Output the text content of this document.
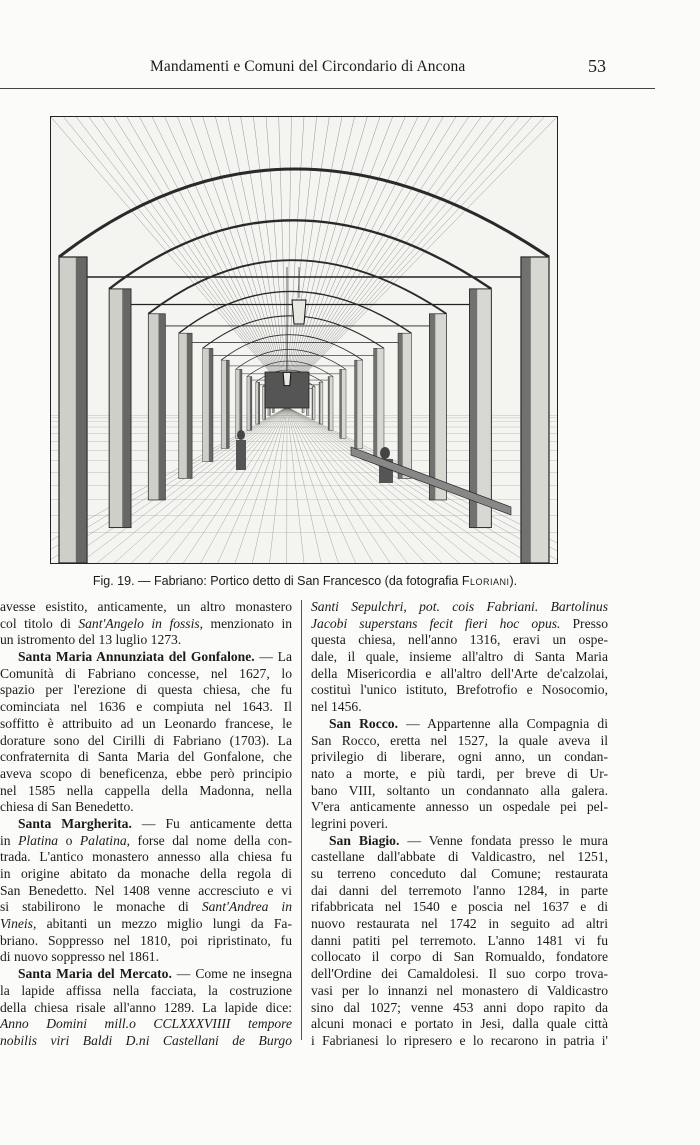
Mandamenti e Comuni del Circondario di Ancona	53
Fig. 19. — Fabriano: Portico detto di San Francesco (da fotografia Floriani).
avesse esistito, anticamente, un altro monastero
col titolo di Sant'Angelo in fossis, menzionato in
un istromento del 13 luglio 1273.
Santa Maria Annunziata del Gonfalone. — La
Comunità di Fabriano concesse, nel 1627, lo
spazio per l'erezione di questa chiesa, che fu
cominciata nel 1636 e compiuta nel 1643. Il
soffitto è attribuito ad un Leonardo francese, le
dorature sono del Cirilli di Fabriano (1703). La
confraternita di Santa Maria del Gonfalone, che
aveva scopo di beneficenza, ebbe però principio
nel 1585 nella cappella della Madonna, nella
chiesa di San Benedetto.
Santa Margherita. — Fu anticamente detta
in Platina o Palatina, forse dal nome della con-
trada. L'antico monastero annesso alla chiesa fu
in origine abitato da monache della regola di
San Benedetto. Nel 1408 venne accresciuto e vi
si stabilirono le monache di Sant'Andrea in
Vineis, abitanti un mezzo miglio lungi da Fa-
briano. Soppresso nel 1810, poi ripristinato, fu
di nuovo soppresso nel 1861.
Santa Maria del Mercato. — Come ne insegna
la lapide affissa nella facciata, la costruzione
della chiesa risale all'anno 1289. La lapide dice:
Anno Domini mill.o CCLXXXVIIII tempore
nobilis viri Baldi D.ni Castellani de Burgo
Santi Sepulchri, pot. cois Fabriani. Bartolinus
Jacobi superstans fecit fieri hoc opus. Presso
questa chiesa, nell'anno 1316, eravi un ospe-
dale, il quale, insieme all'altro di Santa Maria
della Misericordia e all'altro dell'Arte de'calzolai,
costituì l'unico istituto, Brefotrofio e Nosocomio,
nel 1456.
San Rocco. — Appartenne alla Compagnia di
San Rocco, eretta nel 1527, la quale aveva il
privilegio di liberare, ogni anno, un condan-
nato a morte, e più tardi, per breve di Ur-
bano VIII, soltanto un condannato alla galera.
V'era anticamente annesso un ospedale pei pel-
legrini poveri.
San Biagio. — Venne fondata presso le mura
castellane dall'abbate di Valdicastro, nel 1251,
su terreno conceduto dal Comune; restaurata
dai danni del terremoto l'anno 1284, in parte
rifabbricata nel 1540 e poscia nel 1637 e di
nuovo restaurata nel 1742 in seguito ad altri
danni patiti pel terremoto. L'anno 1481 vi fu
collocato il corpo di San Romualdo, fondatore
dell'Ordine dei Camaldolesi. Il suo corpo trova-
vasi per lo innanzi nel monastero di Valdicastro
sino dal 1027; venne 453 anni dopo rapito da
alcuni monaci e portato in Jesi, dalla quale città
i Fabrianesi lo ripresero e lo recarono in patria i'
